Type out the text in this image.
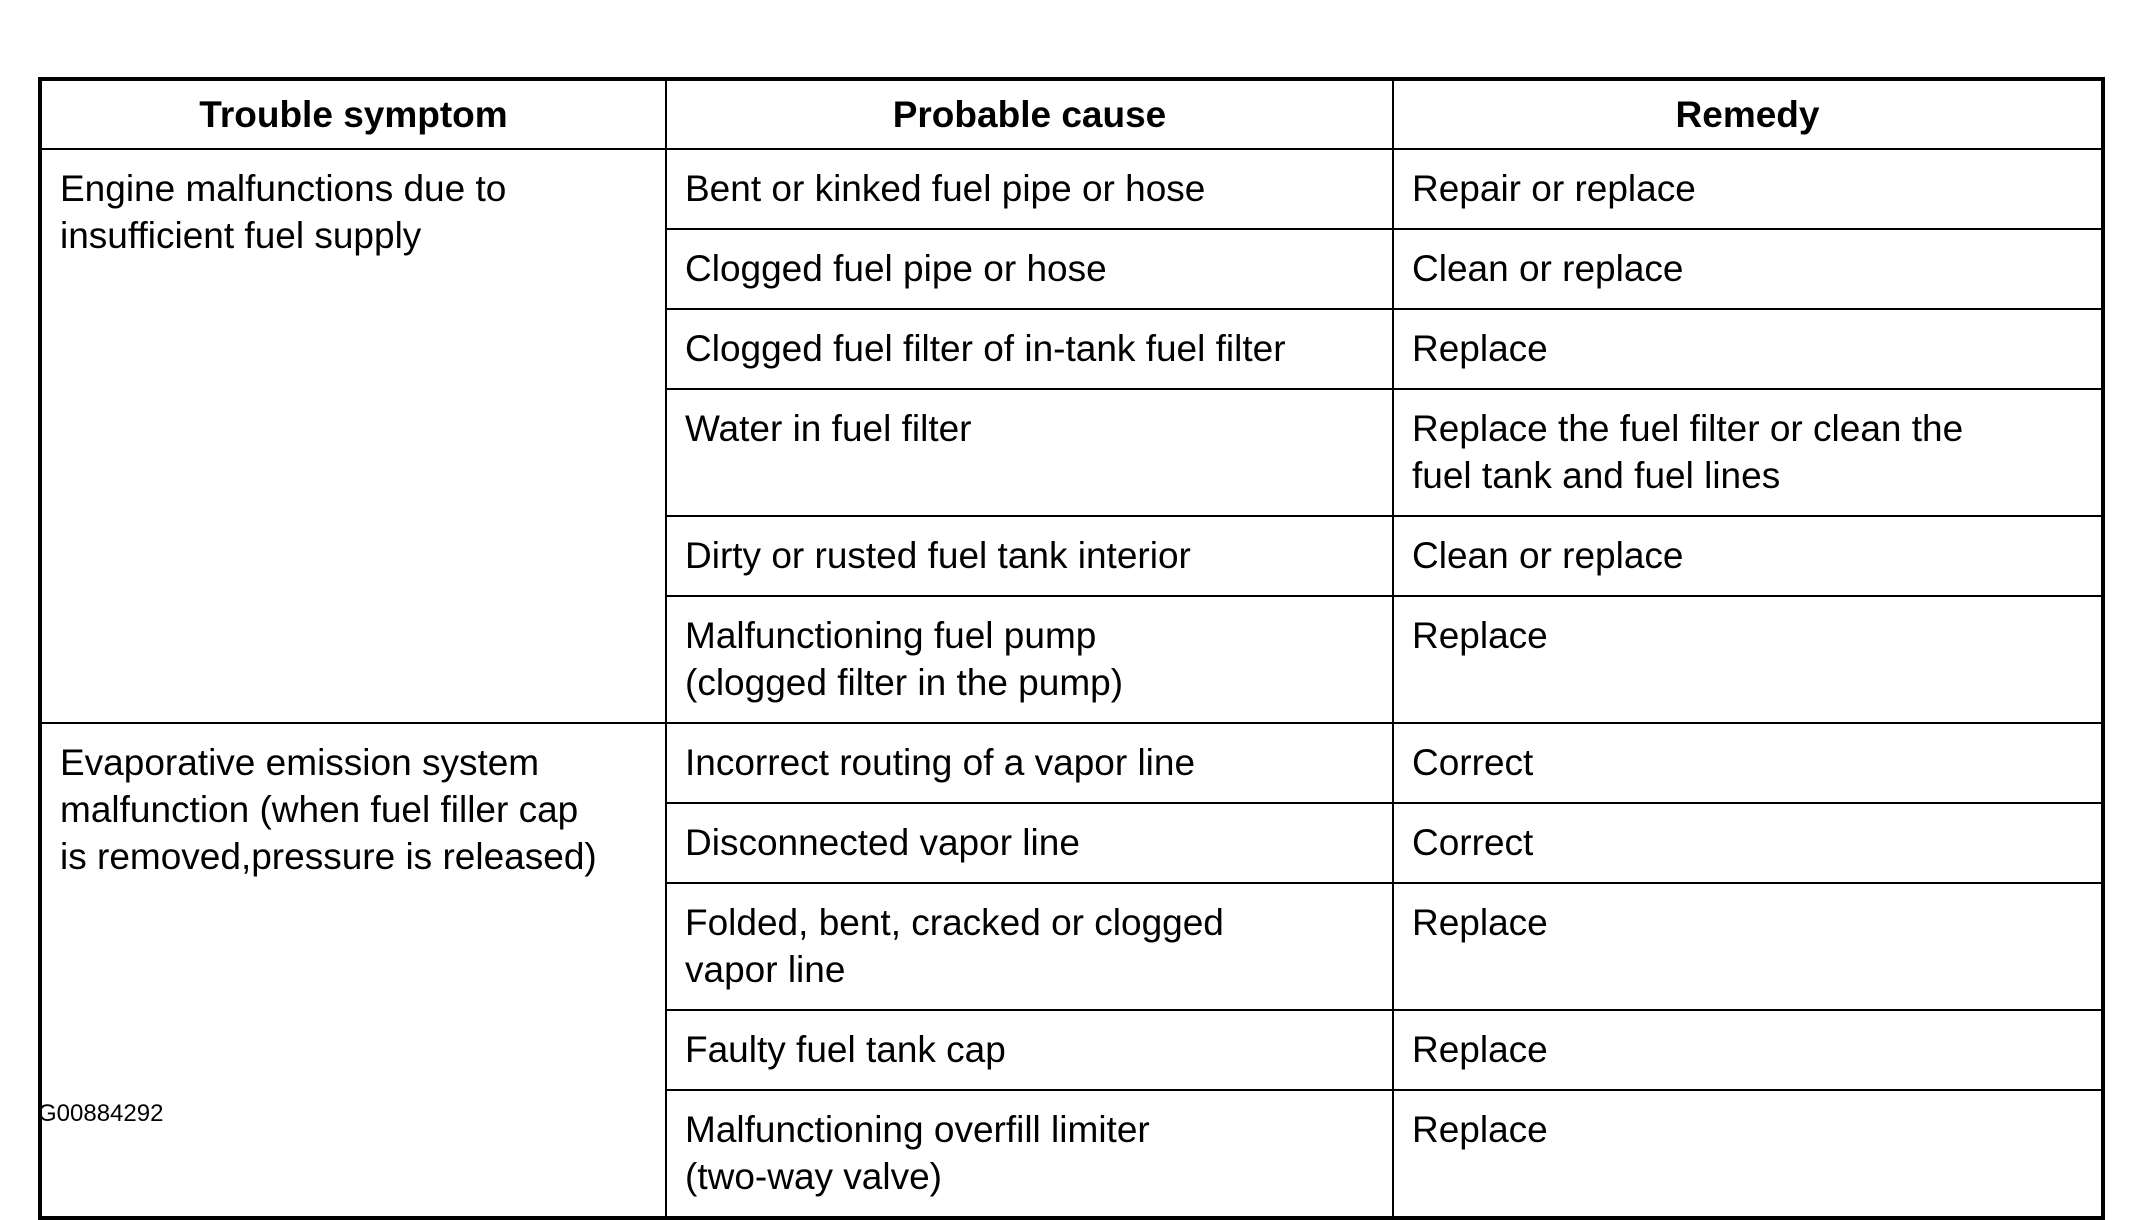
Trouble symptom	Probable cause	Remedy
Engine malfunctions due to
insufficient fuel supply	Bent or kinked fuel pipe or hose	Repair or replace
	Clogged fuel pipe or hose	Clean or replace
	Clogged fuel filter of in-tank fuel filter	Replace
	Water in fuel filter	Replace the fuel filter or clean the
fuel tank and fuel lines
	Dirty or rusted fuel tank interior	Clean or replace
	Malfunctioning fuel pump
(clogged filter in the pump)	Replace
Evaporative emission system
malfunction (when fuel filler cap
is removed,pressure is released)	Incorrect routing of a vapor line	Correct
	Disconnected vapor line	Correct
	Folded, bent, cracked or clogged
vapor line	Replace
	Faulty fuel tank cap	Replace
	Malfunctioning overfill limiter
(two-way valve)	Replace
G00884292
